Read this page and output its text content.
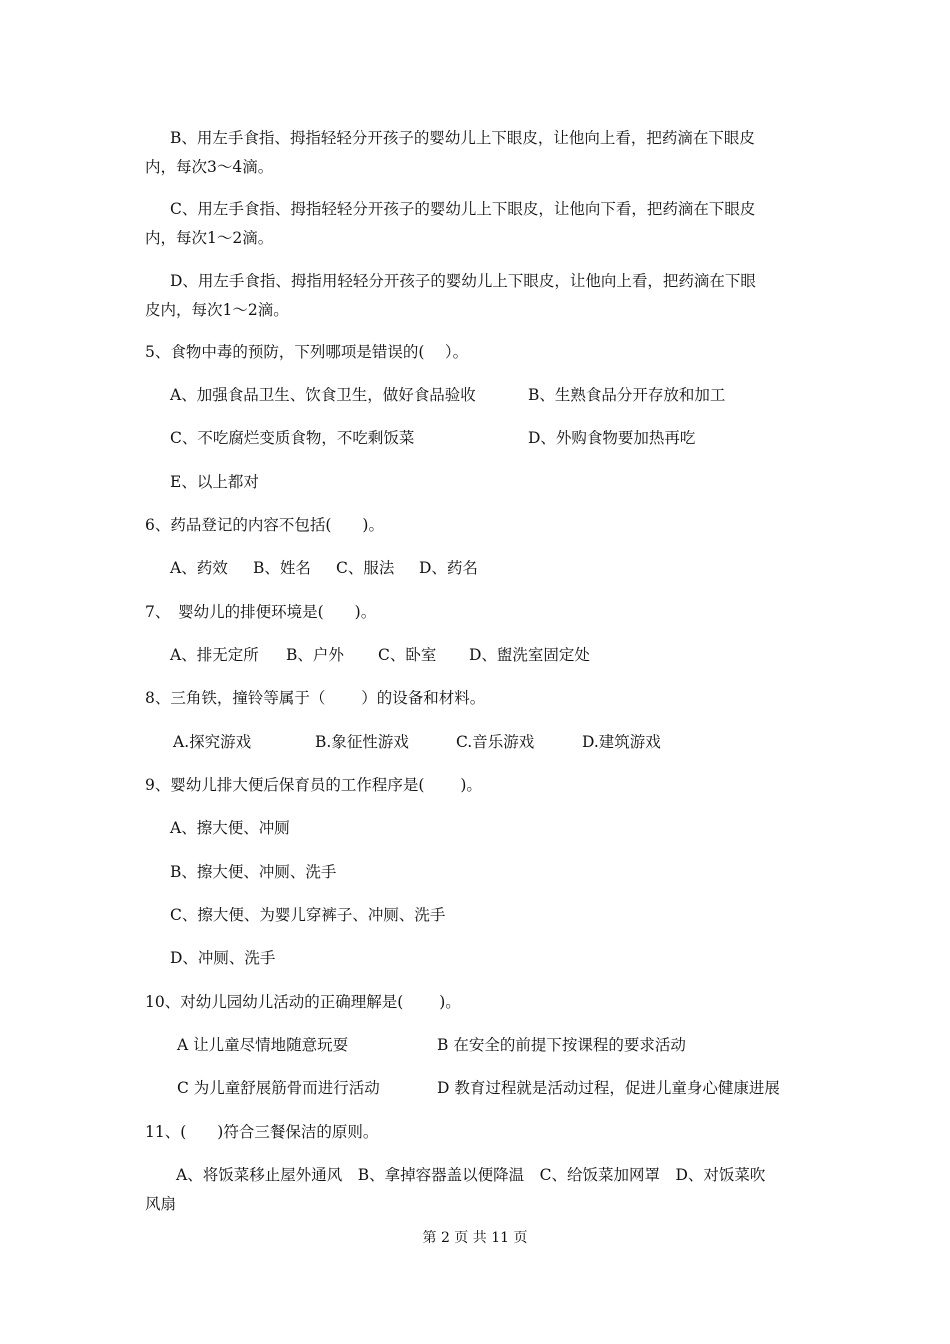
B、用左手食指、拇指轻轻分开孩子的婴幼儿上下眼皮，让他向上看，把药滴在下眼皮
内，每次3～4滴。
C、用左手食指、拇指轻轻分开孩子的婴幼儿上下眼皮，让他向下看，把药滴在下眼皮
内，每次1～2滴。
D、用左手食指、拇指用轻轻分开孩子的婴幼儿上下眼皮，让他向上看，把药滴在下眼
皮内，每次1～2滴。
5、食物中毒的预防，下列哪项是错误的(　 ）。
A、加强食品卫生、饮食卫生，做好食品验收	B、生熟食品分开存放和加工
C、不吃腐烂变质食物，不吃剩饭菜	D、外购食物要加热再吃
E、以上都对
6、药品登记的内容不包括(　　)。
A、药效 B、姓名 C、服法 D、药名
7、　婴幼儿的排便环境是(　　)。
A、排无定所 B、户外 C、卧室 D、盥洗室固定处
8、三角铁，撞铃等属于（　　 ）的设备和材料。
A.探究游戏	B.象征性游戏	C.音乐游戏	D.建筑游戏
9、婴幼儿排大便后保育员的工作程序是(　　 )。
A、擦大便、冲厕
B、擦大便、冲厕、洗手
C、擦大便、为婴儿穿裤子、冲厕、洗手
D、冲厕、洗手
10、对幼儿园幼儿活动的正确理解是(　　 )。
A 让儿童尽情地随意玩耍	B 在安全的前提下按课程的要求活动
C 为儿童舒展筋骨而进行活动	D 教育过程就是活动过程，促进儿童身心健康进展
11、(　　)符合三餐保洁的原则。
A、将饭菜移止屋外通风　B、拿掉容器盖以便降温　C、给饭菜加网罩　D、对饭菜吹
风扇
第 2 页 共 11 页
